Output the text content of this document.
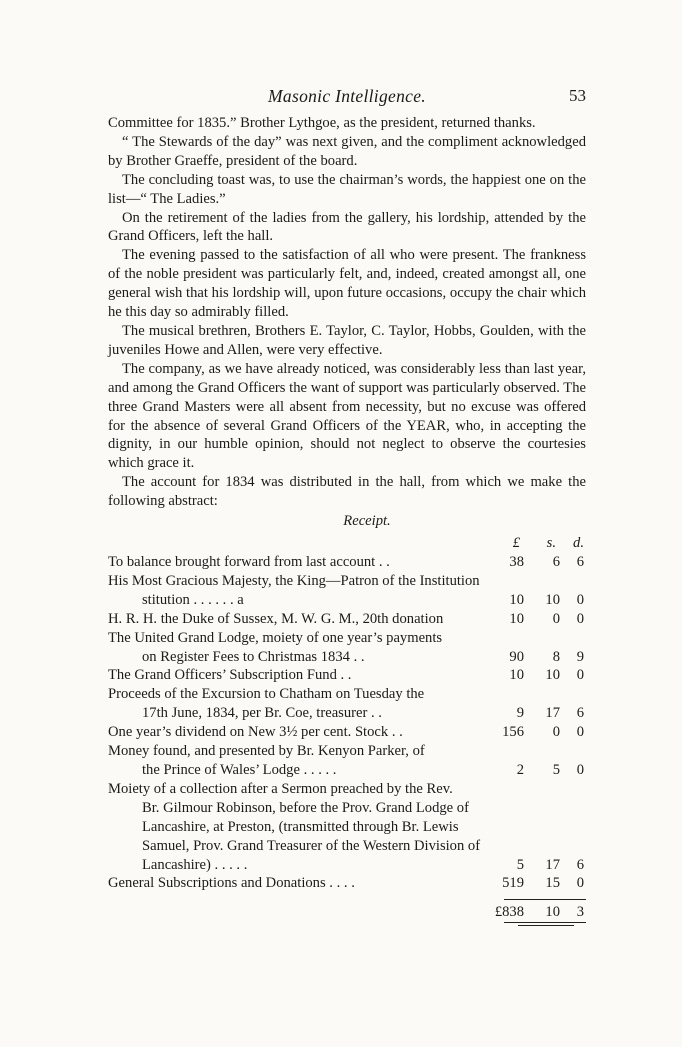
Masonic Intelligence.	53

Committee for 1835.” Brother Lythgoe, as the president, returned thanks.

“ The Stewards of the day” was next given, and the compliment acknowledged by Brother Graeffe, president of the board.

The concluding toast was, to use the chairman’s words, the happiest one on the list—“ The Ladies.”

On the retirement of the ladies from the gallery, his lordship, attended by the Grand Officers, left the hall.

The evening passed to the satisfaction of all who were present. The frankness of the noble president was particularly felt, and, indeed, created amongst all, one general wish that his lordship will, upon future occasions, occupy the chair which he this day so admirably filled.

The musical brethren, Brothers E. Taylor, C. Taylor, Hobbs, Goulden, with the juveniles Howe and Allen, were very effective.

The company, as we have already noticed, was considerably less than last year, and among the Grand Officers the want of support was particularly observed. The three Grand Masters were all absent from necessity, but no excuse was offered for the absence of several Grand Officers of the YEAR, who, in accepting the dignity, in our humble opinion, should not neglect to observe the courtesies which grace it.

The account for 1834 was distributed in the hall, from which we make the following abstract:

Receipt.
£ s. d.
To balance brought forward from last account . .	38	6	6
His Most Gracious Majesty, the King—Patron of the Institution
stitution . . . . . . a	10	10	0
H. R. H. the Duke of Sussex, M. W. G. M., 20th donation	10	0	0
The United Grand Lodge, moiety of one year’s payments
on Register Fees to Christmas 1834 . .	90	8	9
The Grand Officers’ Subscription Fund . .	10	10	0
Proceeds of the Excursion to Chatham on Tuesday the
17th June, 1834, per Br. Coe, treasurer . .	9	17	6
One year’s dividend on New 3½ per cent. Stock . .	156	0	0
Money found, and presented by Br. Kenyon Parker, of
the Prince of Wales’ Lodge . . . . .	2	5	0
Moiety of a collection after a Sermon preached by the Rev.
Br. Gilmour Robinson, before the Prov. Grand Lodge of Lancashire, at Preston, (transmitted through Br. Lewis Samuel, Prov. Grand Treasurer of the Western Division of Lancashire) . . . . .	5	17	6
General Subscriptions and Donations . . . .	519	15	0
£838	10	3
